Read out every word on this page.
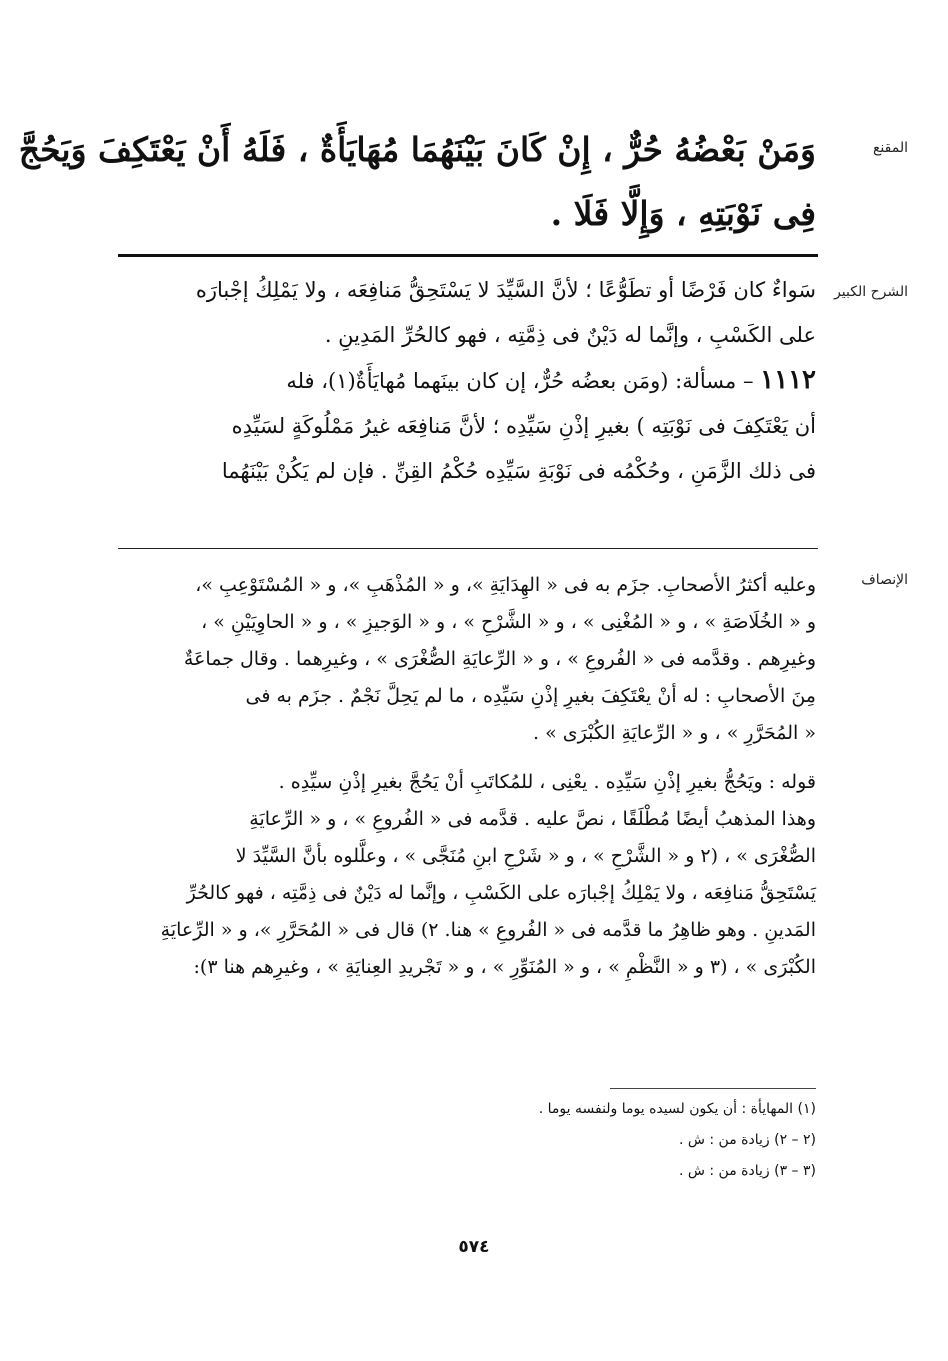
المقنع
الشرح الكبير
الإنصاف
وَمَنْ بَعْضُهُ حُرٌّ ، إِنْ كَانَ بَيْنَهُمَا مُهَايَأَةٌ ، فَلَهُ أَنْ يَعْتَكِفَ وَيَحُجَّ
فِى نَوْبَتِهِ ، وَإِلَّا فَلَا .
سَواءٌ كان فَرْضًا أو تطَوُّعًا ؛ لأنَّ السَّيِّدَ لا يَسْتَحِقُّ مَنافِعَه ، ولا يَمْلِكُ إجْبارَه
على الكَسْبِ ، وإنَّما له دَيْنٌ فى ذِمَّتِه ، فهو كالحُرِّ المَدِينِ .
١١١٢ – مسألة: (ومَن بعضُه حُرٌّ، إن كان بينَهما مُهايَأَةٌ(١)، فله
أن يَعْتَكِفَ فى نَوْبَتِه ) بغيرِ إذْنِ سَيِّدِه ؛ لأنَّ مَنافِعَه غيرُ مَمْلُوكَةٍ لسَيِّدِه
فى ذلك الزَّمَنِ ، وحُكْمُه فى نَوْبَةِ سَيِّدِه حُكْمُ القِنِّ . فإن لم يَكُنْ بَيْنَهُما
وعليه أكثرُ الأصحابِ. جزَم به فى « الهِدَايَةِ »، و « المُذْهَبِ »، و « المُسْتَوْعِبِ »،
و « الخُلَاصَةِ » ، و « المُغْنِى » ، و « الشَّرْحِ » ، و « الوَجيزِ » ، و « الحاوِيَيْنِ » ،
وغيرِهم . وقدَّمه فى « الفُروعِ » ، و « الرِّعايَةِ الصُّغْرَى » ، وغيرِهما . وقال جماعَةٌ
مِنَ الأصحابِ : له أنْ يعْتَكِفَ بغيرِ إذْنِ سَيِّدِه ، ما لم يَحِلَّ نَجْمٌ . جزَم به فى
« المُحَرَّرِ » ، و « الرِّعايَةِ الكُبْرَى » .
قوله : ويَحُجُّ بغيرِ إذْنِ سَيِّدِه . يعْنِى ، للمُكاتَبِ أنْ يَحُجَّ بغيرِ إذْنِ سيِّدِه .
وهذا المذهبُ أيضًا مُطْلَقًا ، نصَّ عليه . قدَّمه فى « الفُروعِ » ، و « الرِّعايَةِ
الصُّغْرَى » ، (٢ و « الشَّرْحِ » ، و « شَرْحِ ابنِ مُنَجَّى » ، وعلَّلوه بأنَّ السَّيِّدَ لا
يَسْتَحِقُّ مَنافِعَه ، ولا يَمْلِكُ إجْبارَه على الكَسْبِ ، وإنَّما له دَيْنٌ فى ذِمَّتِه ، فهو كالحُرِّ
المَدينِ . وهو ظاهِرُ ما قدَّمه فى « الفُروعِ » هنا. ٢) قال فى « المُحَرَّرِ »، و « الرِّعايَةِ
الكُبْرَى » ، (٣ و « النَّظْمِ » ، و « المُنَوِّرِ » ، و « تَجْريدِ العِنايَةِ » ، وغيرِهم هنا ٣):
(١) المهايأة : أن يكون لسيده يوما ولنفسه يوما .
(٢ – ٢) زيادة من : ش .
(٣ – ٣) زيادة من : ش .
٥٧٤
